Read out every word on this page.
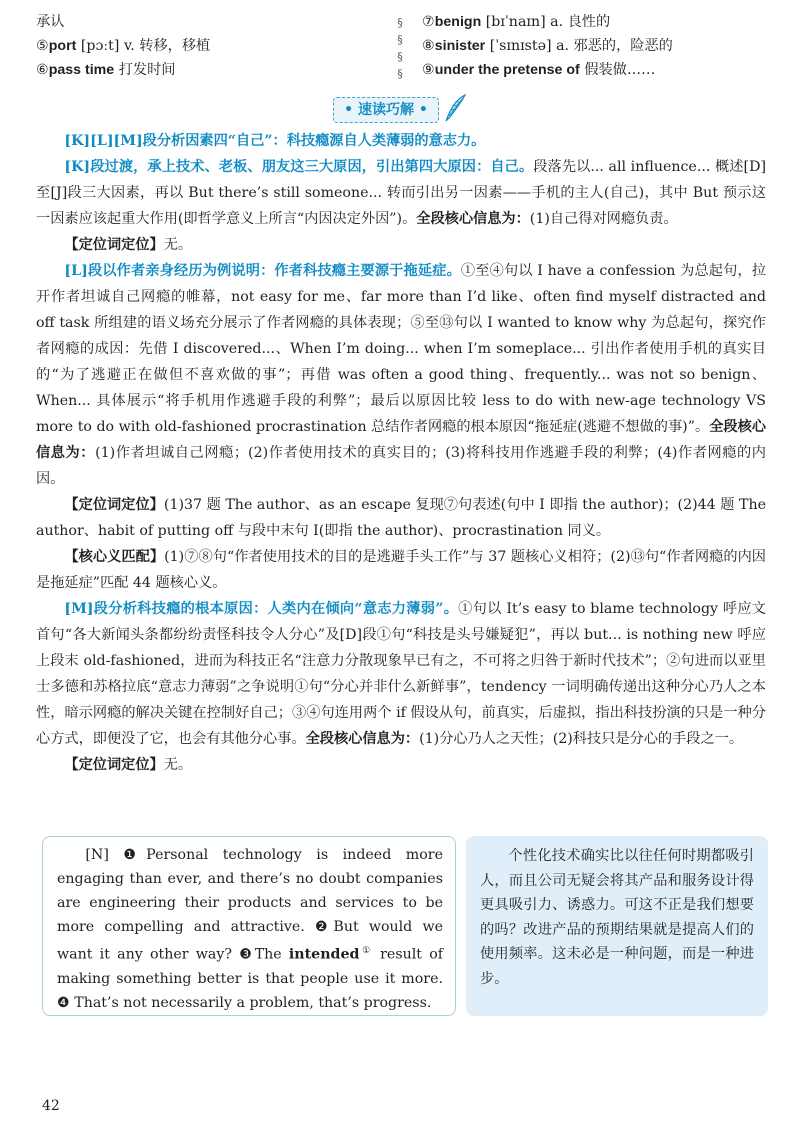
承认
⑤port [pɔːt] v. 转移，移植
⑥pass time 打发时间
§
§
§
§
⑦benign [bɪˈnaɪn] a. 良性的
⑧sinister [ˈsɪnɪstə] a. 邪恶的，险恶的
⑨under the pretense of 假装做……
• 速读巧解 •

[K][L][M]段分析因素四“自己”：科技瘾源自人类薄弱的意志力。

[K]段过渡，承上技术、老板、朋友这三大原因，引出第四大原因：自己。段落先以... all influence... 概述[D]至[J]段三大因素，再以 But there’s still someone... 转而引出另一因素——手机的主人(自己)，其中 But 预示这一因素应该起重大作用(即哲学意义上所言“内因决定外因”)。全段核心信息为：(1)自己得对网瘾负责。

【定位词定位】无。

[L]段以作者亲身经历为例说明：作者科技瘾主要源于拖延症。①至④句以 I have a confession 为总起句，拉开作者坦诚自己网瘾的帷幕，not easy for me、far more than I’d like、often find myself distracted and off task 所组建的语义场充分展示了作者网瘾的具体表现；⑤至⑬句以 I wanted to know why 为总起句，探究作者网瘾的成因：先借 I discovered...、When I’m doing... when I’m someplace... 引出作者使用手机的真实目的“为了逃避正在做但不喜欢做的事”；再借 was often a good thing、frequently... was not so benign、When... 具体展示“将手机用作逃避手段的利弊”；最后以原因比较 less to do with new-age technology VS more to do with old-fashioned procrastination 总结作者网瘾的根本原因“拖延症(逃避不想做的事)”。全段核心信息为：(1)作者坦诚自己网瘾；(2)作者使用技术的真实目的；(3)将科技用作逃避手段的利弊；(4)作者网瘾的内因。

【定位词定位】(1)37 题 The author、as an escape 复现⑦句表述(句中 I 即指 the author)；(2)44 题 The author、habit of putting off 与段中末句 I(即指 the author)、procrastination 同义。

【核心义匹配】(1)⑦⑧句“作者使用技术的目的是逃避手头工作”与 37 题核心义相符；(2)⑬句“作者网瘾的内因是拖延症”匹配 44 题核心义。

[M]段分析科技瘾的根本原因：人类内在倾向“意志力薄弱”。①句以 It’s easy to blame technology 呼应文首句“各大新闻头条都纷纷责怪科技令人分心”及[D]段①句“科技是头号嫌疑犯”，再以 but... is nothing new 呼应上段末 old-fashioned，进而为科技正名“注意力分散现象早已有之，不可将之归咎于新时代技术”；②句进而以亚里士多德和苏格拉底“意志力薄弱”之争说明①句“分心并非什么新鲜事”，tendency 一词明确传递出这种分心乃人之本性，暗示网瘾的解决关键在控制好自己；③④句连用两个 if 假设从句，前真实，后虚拟，指出科技扮演的只是一种分心方式，即便没了它，也会有其他分心事。全段核心信息为：(1)分心乃人之天性；(2)科技只是分心的手段之一。

【定位词定位】无。

[N] ❶Personal technology is indeed more engaging than ever, and there’s no doubt companies are engineering their products and services to be more compelling and attractive. ❷But would we want it any other way? ❸The intended① result of making something better is that people use it more. ❹ That’s not necessarily a problem, that’s progress.

个性化技术确实比以往任何时期都吸引人，而且公司无疑会将其产品和服务设计得更具吸引力、诱惑力。可这不正是我们想要的吗？改进产品的预期结果就是提高人们的使用频率。这未必是一种问题，而是一种进步。

42
